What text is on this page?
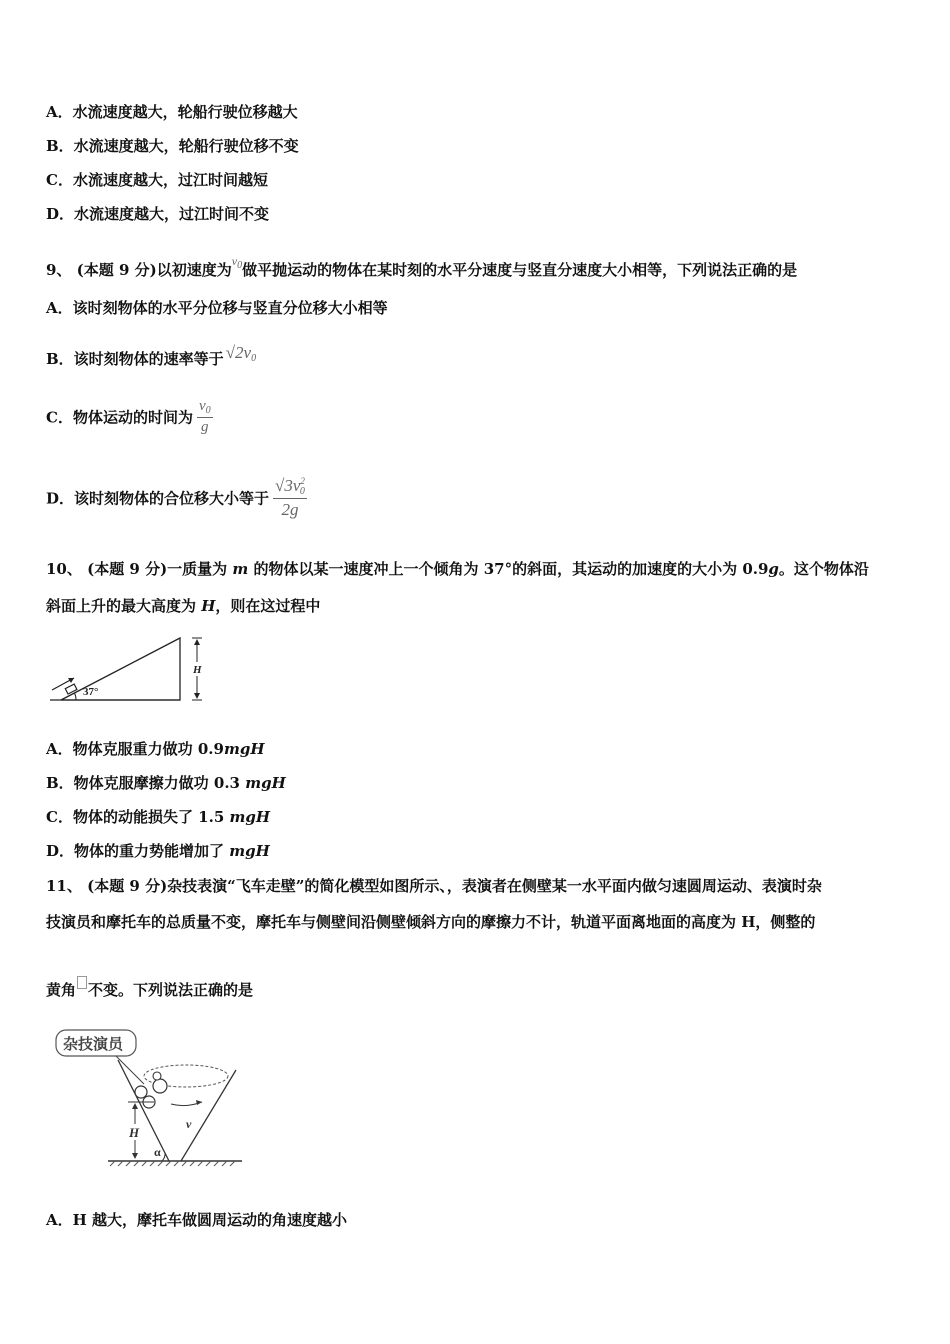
A．水流速度越大，轮船行驶位移越大
B．水流速度越大，轮船行驶位移不变
C．水流速度越大，过江时间越短
D．水流速度越大，过江时间不变
9、 (本题 9 分)以初速度为$^{v_0}$做平抛运动的物体在某时刻的水平分速度与竖直分速度大小相等，下列说法正确的是
A．该时刻物体的水平分位移与竖直分位移大小相等
B．该时刻物体的速率等于 $√2v_0$
C．物体运动的时间为 $\frac{v_0}{g}$
D．该时刻物体的合位移大小等于 $\frac{√3v^2_0}{2g}$
10、 (本题 9 分)一质量为 m 的物体以某一速度冲上一个倾角为 37°的斜面，其运动的加速度的大小为 0.9g。这个物体沿
斜面上升的最大高度为 H，则在这过程中
37°
H
A．物体克服重力做功 0.9mgH
B．物体克服摩擦力做功 0.3 mgH
C．物体的动能损失了 1.5 mgH
D．物体的重力势能增加了 mgH
11、 (本题 9 分)杂技表演“飞车走壁”的简化模型如图所示、，表演者在侧壁某一水平面内做匀速圆周运动、表演时杂
技演员和摩托车的总质量不变，摩托车与侧壁间沿侧壁倾斜方向的摩擦力不计，轨道平面离地面的高度为 H，侧整的
黄角 不变。下列说法正确的是
杂技演员
v
H
α
A．H 越大，摩托车做圆周运动的角速度越小
